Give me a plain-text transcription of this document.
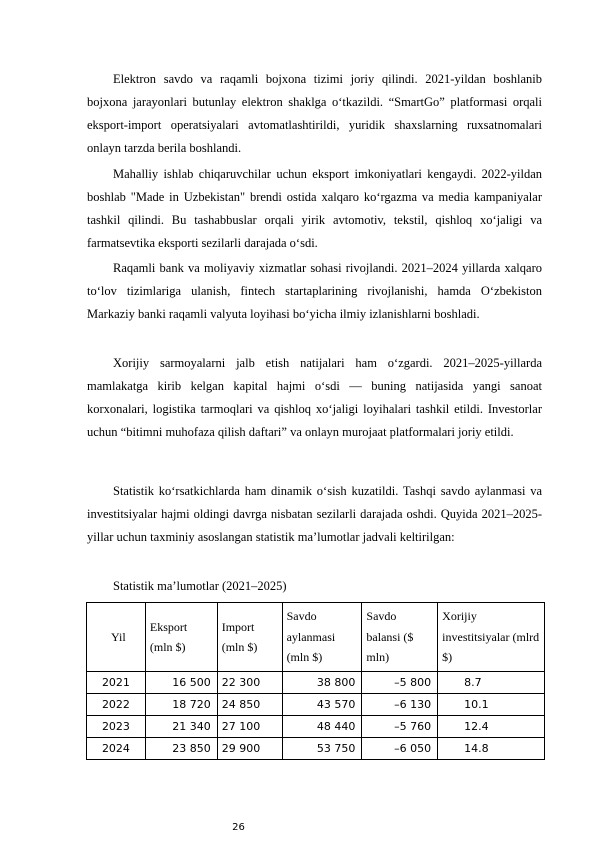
Elektron savdo va raqamli bojxona tizimi joriy qilindi. 2021-yildan boshlanib bojxona jarayonlari butunlay elektron shaklga o‘tkazildi. “SmartGo” platformasi orqali eksport-import operatsiyalari avtomatlashtirildi, yuridik shaxslarning ruxsatnomalari onlayn tarzda berila boshlandi.

Mahalliy ishlab chiqaruvchilar uchun eksport imkoniyatlari kengaydi. 2022-yildan boshlab "Made in Uzbekistan" brendi ostida xalqaro ko‘rgazma va media kampaniyalar tashkil qilindi. Bu tashabbuslar orqali yirik avtomotiv, tekstil, qishloq xo‘jaligi va farmatsevtika eksporti sezilarli darajada o‘sdi.

Raqamli bank va moliyaviy xizmatlar sohasi rivojlandi. 2021–2024 yillarda xalqaro to‘lov tizimlariga ulanish, fintech startaplarining rivojlanishi, hamda O‘zbekiston Markaziy banki raqamli valyuta loyihasi bo‘yicha ilmiy izlanishlarni boshladi.

Xorijiy sarmoyalarni jalb etish natijalari ham o‘zgardi. 2021–2025-yillarda mamlakatga kirib kelgan kapital hajmi o‘sdi — buning natijasida yangi sanoat korxonalari, logistika tarmoqlari va qishloq xo‘jaligi loyihalari tashkil etildi. Investorlar uchun “bitimni muhofaza qilish daftari” va onlayn murojaat platformalari joriy etildi.

Statistik ko‘rsatkichlarda ham dinamik o‘sish kuzatildi. Tashqi savdo aylanmasi va investitsiyalar hajmi oldingi davrga nisbatan sezilarli darajada oshdi. Quyida 2021–2025-yillar uchun taxminiy asoslangan statistik ma’lumotlar jadvali keltirilgan:

Statistik ma’lumotlar (2021–2025)
Yil	Eksport (mln $)	Import (mln $)	Savdo aylanmasi (mln $)	Savdo balansi ($ mln)	Xorijiy investitsiyalar (mlrd $)
2021	16 500	22 300	38 800	–5 800	8.7
2022	18 720	24 850	43 570	–6 130	10.1
2023	21 340	27 100	48 440	–5 760	12.4
2024	23 850	29 900	53 750	–6 050	14.8
26
